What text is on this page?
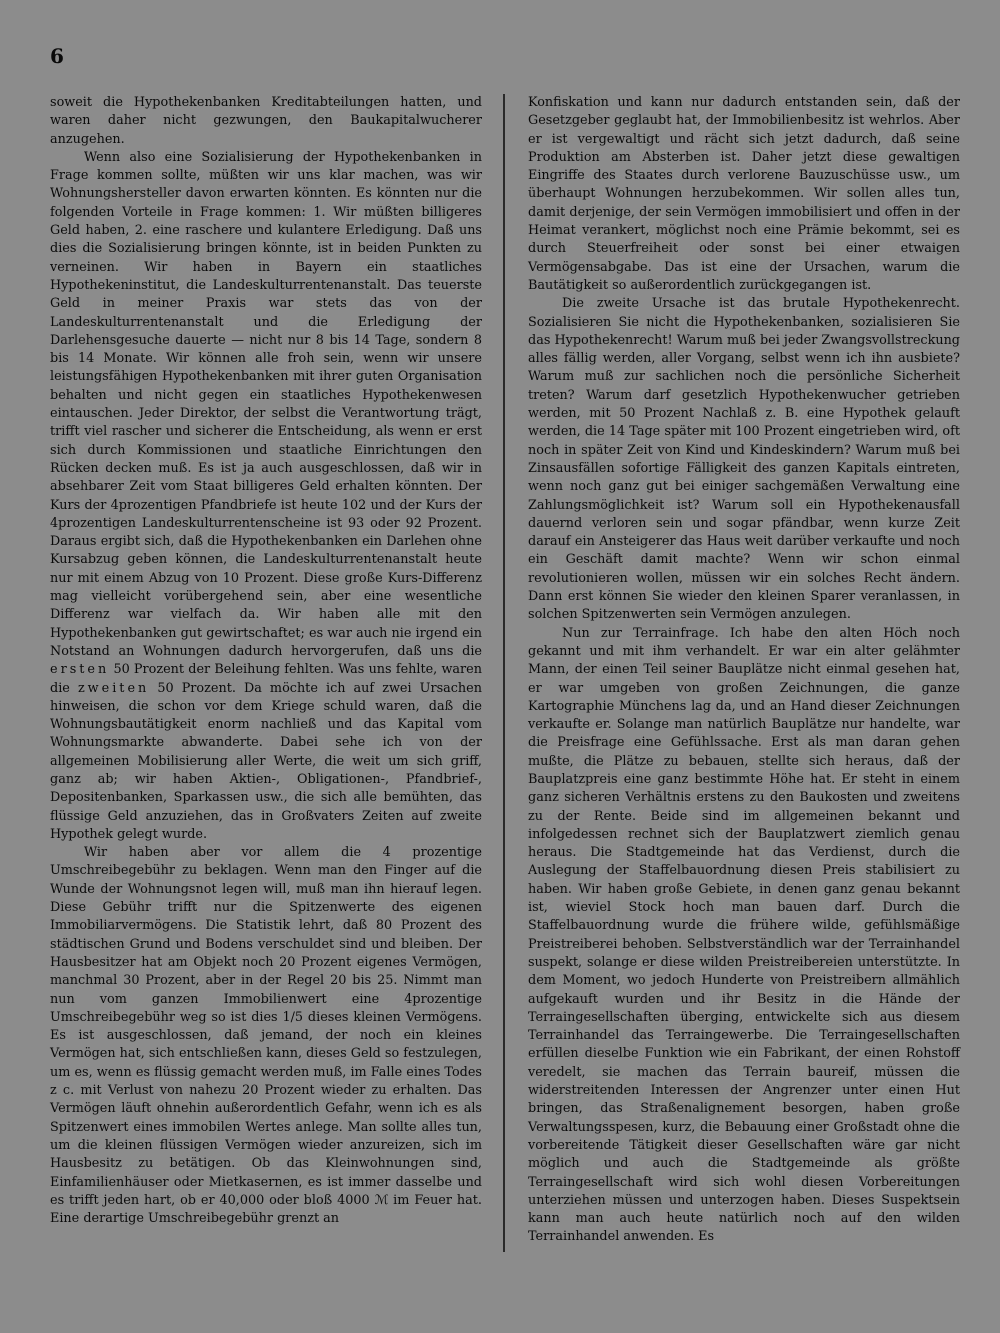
6

soweit die Hypothekenbanken Kreditabteilungen hatten, und waren daher nicht gezwungen, den Baukapitalwucherer anzugehen.

Wenn also eine Sozialisierung der Hypothekenbanken in Frage kommen sollte, müßten wir uns klar machen, was wir Wohnungshersteller davon erwarten könnten. Es könnten nur die folgenden Vorteile in Frage kommen: 1. Wir müßten billigeres Geld haben, 2. eine raschere und kulantere Erledigung. Daß uns dies die Sozialisierung bringen könnte, ist in beiden Punkten zu verneinen. Wir haben in Bayern ein staatliches Hypothekeninstitut, die Landeskulturrentenanstalt. Das teuerste Geld in meiner Praxis war stets das von der Landeskulturrentenanstalt und die Erledigung der Darlehensgesuche dauerte — nicht nur 8 bis 14 Tage, sondern 8 bis 14 Monate. Wir können alle froh sein, wenn wir unsere leistungsfähigen Hypothekenbanken mit ihrer guten Organisation behalten und nicht gegen ein staatliches Hypothekenwesen eintauschen. Jeder Direktor, der selbst die Verantwortung trägt, trifft viel rascher und sicherer die Entscheidung, als wenn er erst sich durch Kommissionen und staatliche Einrichtungen den Rücken decken muß. Es ist ja auch ausgeschlossen, daß wir in absehbarer Zeit vom Staat billigeres Geld erhalten könnten. Der Kurs der 4prozentigen Pfandbriefe ist heute 102 und der Kurs der 4prozentigen Landeskulturrentenscheine ist 93 oder 92 Prozent. Daraus ergibt sich, daß die Hypothekenbanken ein Darlehen ohne Kursabzug geben können, die Landeskulturrentenanstalt heute nur mit einem Abzug von 10 Prozent. Diese große Kurs-Differenz mag vielleicht vorübergehend sein, aber eine wesentliche Differenz war vielfach da. Wir haben alle mit den Hypothekenbanken gut gewirtschaftet; es war auch nie irgend ein Notstand an Wohnungen dadurch hervorgerufen, daß uns die ersten 50 Prozent der Beleihung fehlten. Was uns fehlte, waren die zweiten 50 Prozent. Da möchte ich auf zwei Ursachen hinweisen, die schon vor dem Kriege schuld waren, daß die Wohnungsbautätigkeit enorm nachließ und das Kapital vom Wohnungsmarkte abwanderte. Dabei sehe ich von der allgemeinen Mobilisierung aller Werte, die weit um sich griff, ganz ab; wir haben Aktien-, Obligationen-, Pfandbrief-, Depositenbanken, Sparkassen usw., die sich alle bemühten, das flüssige Geld anzuziehen, das in Großvaters Zeiten auf zweite Hypothek gelegt wurde.

Wir haben aber vor allem die 4 prozentige Umschreibegebühr zu beklagen. Wenn man den Finger auf die Wunde der Wohnungsnot legen will, muß man ihn hierauf legen. Diese Gebühr trifft nur die Spitzenwerte des eigenen Immobiliarvermögens. Die Statistik lehrt, daß 80 Prozent des städtischen Grund und Bodens verschuldet sind und bleiben. Der Hausbesitzer hat am Objekt noch 20 Prozent eigenes Vermögen, manchmal 30 Prozent, aber in der Regel 20 bis 25. Nimmt man nun vom ganzen Immobilienwert eine 4prozentige Umschreibegebühr weg so ist dies 1/5 dieses kleinen Vermögens. Es ist ausgeschlossen, daß jemand, der noch ein kleines Vermögen hat, sich entschließen kann, dieses Geld so festzulegen, um es, wenn es flüssig gemacht werden muß, im Falle eines Todes z c. mit Verlust von nahezu 20 Prozent wieder zu erhalten. Das Vermögen läuft ohnehin außerordentlich Gefahr, wenn ich es als Spitzenwert eines immobilen Wertes anlege. Man sollte alles tun, um die kleinen flüssigen Vermögen wieder anzureizen, sich im Hausbesitz zu betätigen. Ob das Kleinwohnungen sind, Einfamilienhäuser oder Mietkasernen, es ist immer dasselbe und es trifft jeden hart, ob er 40,000 oder bloß 4000 ℳ im Feuer hat. Eine derartige Umschreibegebühr grenzt an

Konfiskation und kann nur dadurch entstanden sein, daß der Gesetzgeber geglaubt hat, der Immobilienbesitz ist wehrlos. Aber er ist vergewaltigt und rächt sich jetzt dadurch, daß seine Produktion am Absterben ist. Daher jetzt diese gewaltigen Eingriffe des Staates durch verlorene Bauzuschüsse usw., um überhaupt Wohnungen herzubekommen. Wir sollen alles tun, damit derjenige, der sein Vermögen immobilisiert und offen in der Heimat verankert, möglichst noch eine Prämie bekommt, sei es durch Steuerfreiheit oder sonst bei einer etwaigen Vermögensabgabe. Das ist eine der Ursachen, warum die Bautätigkeit so außerordentlich zurückgegangen ist.

Die zweite Ursache ist das brutale Hypothekenrecht. Sozialisieren Sie nicht die Hypothekenbanken, sozialisieren Sie das Hypothekenrecht! Warum muß bei jeder Zwangsvollstreckung alles fällig werden, aller Vorgang, selbst wenn ich ihn ausbiete? Warum muß zur sachlichen noch die persönliche Sicherheit treten? Warum darf gesetzlich Hypothekenwucher getrieben werden, mit 50 Prozent Nachlaß z. B. eine Hypothek gelauft werden, die 14 Tage später mit 100 Prozent eingetrieben wird, oft noch in später Zeit von Kind und Kindeskindern? Warum muß bei Zinsausfällen sofortige Fälligkeit des ganzen Kapitals eintreten, wenn noch ganz gut bei einiger sachgemäßen Verwaltung eine Zahlungsmöglichkeit ist? Warum soll ein Hypothekenausfall dauernd verloren sein und sogar pfändbar, wenn kurze Zeit darauf ein Ansteigerer das Haus weit darüber verkaufte und noch ein Geschäft damit machte? Wenn wir schon einmal revolutionieren wollen, müssen wir ein solches Recht ändern. Dann erst können Sie wieder den kleinen Sparer veranlassen, in solchen Spitzenwerten sein Vermögen anzulegen.

Nun zur Terrainfrage. Ich habe den alten Höch noch gekannt und mit ihm verhandelt. Er war ein alter gelähmter Mann, der einen Teil seiner Bauplätze nicht einmal gesehen hat, er war umgeben von großen Zeichnungen, die ganze Kartographie Münchens lag da, und an Hand dieser Zeichnungen verkaufte er. Solange man natürlich Bauplätze nur handelte, war die Preisfrage eine Gefühlssache. Erst als man daran gehen mußte, die Plätze zu bebauen, stellte sich heraus, daß der Bauplatzpreis eine ganz bestimmte Höhe hat. Er steht in einem ganz sicheren Verhältnis erstens zu den Baukosten und zweitens zu der Rente. Beide sind im allgemeinen bekannt und infolgedessen rechnet sich der Bauplatzwert ziemlich genau heraus. Die Stadtgemeinde hat das Verdienst, durch die Auslegung der Staffelbauordnung diesen Preis stabilisiert zu haben. Wir haben große Gebiete, in denen ganz genau bekannt ist, wieviel Stock hoch man bauen darf. Durch die Staffelbauordnung wurde die frühere wilde, gefühlsmäßige Preistreiberei behoben. Selbstverständlich war der Terrainhandel suspekt, solange er diese wilden Preistreibereien unterstützte. In dem Moment, wo jedoch Hunderte von Preistreibern allmählich aufgekauft wurden und ihr Besitz in die Hände der Terraingesellschaften überging, entwickelte sich aus diesem Terrainhandel das Terraingewerbe. Die Terraingesellschaften erfüllen dieselbe Funktion wie ein Fabrikant, der einen Rohstoff veredelt, sie machen das Terrain baureif, müssen die widerstreitenden Interessen der Angrenzer unter einen Hut bringen, das Straßenalignement besorgen, haben große Verwaltungsspesen, kurz, die Bebauung einer Großstadt ohne die vorbereitende Tätigkeit dieser Gesellschaften wäre gar nicht möglich und auch die Stadtgemeinde als größte Terraingesellschaft wird sich wohl diesen Vorbereitungen unterziehen müssen und unterzogen haben. Dieses Suspektsein kann man auch heute natürlich noch auf den wilden Terrainhandel anwenden. Es
